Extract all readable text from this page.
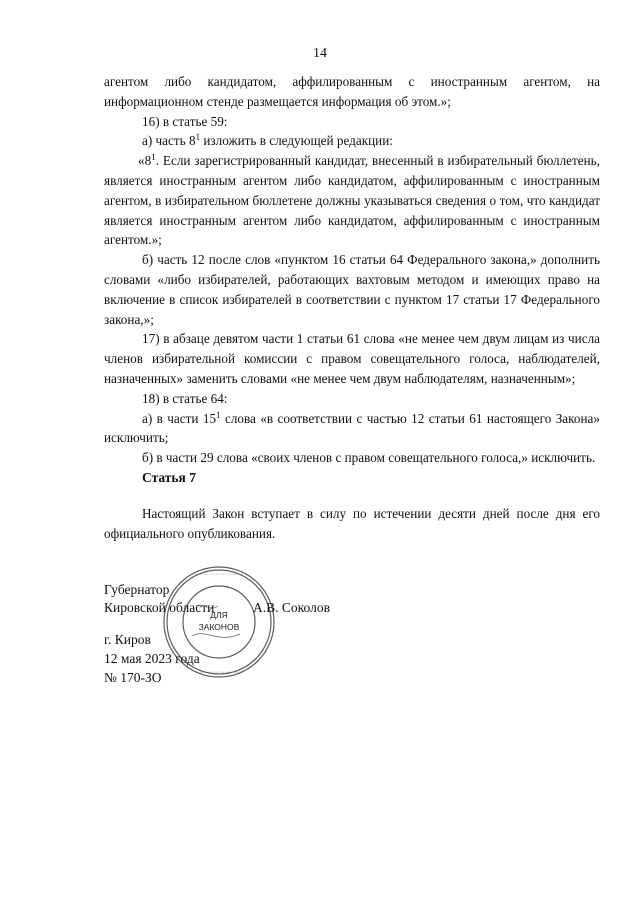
14

агентом либо кандидатом, аффилированным с иностранным агентом, на информационном стенде размещается информация об этом.»;

16) в статье 59:

а) часть $8^1$ изложить в следующей редакции:

«$8^1$. Если зарегистрированный кандидат, внесенный в избирательный бюллетень, является иностранным агентом либо кандидатом, аффилированным с иностранным агентом, в избирательном бюллетене должны указываться сведения о том, что кандидат является иностранным агентом либо кандидатом, аффилированным с иностранным агентом.»;

б) часть 12 после слов «пунктом 16 статьи 64 Федерального закона,» дополнить словами «либо избирателей, работающих вахтовым методом и имеющих право на включение в список избирателей в соответствии с пунктом 17 статьи 17 Федерального закона,»;

17) в абзаце девятом части 1 статьи 61 слова «не менее чем двум лицам из числа членов избирательной комиссии с правом совещательного голоса, наблюдателей, назначенных» заменить словами «не менее чем двум наблюдателям, назначенным»;

18) в статье 64:

а) в части $15^1$ слова «в соответствии с частью 12 статьи 61 настоящего Закона» исключить;

б) в части 29 слова «своих членов с правом совещательного голоса,» исключить.

Статья 7

Настоящий Закон вступает в силу по истечении десяти дней после дня его официального опубликования.

Губернатор
Кировской области	А.В. Соколов
г. Киров
12 мая 2023 года
№ 170-ЗО
·····················
·····················
ДЛЯ
ЗАКОНОВ
